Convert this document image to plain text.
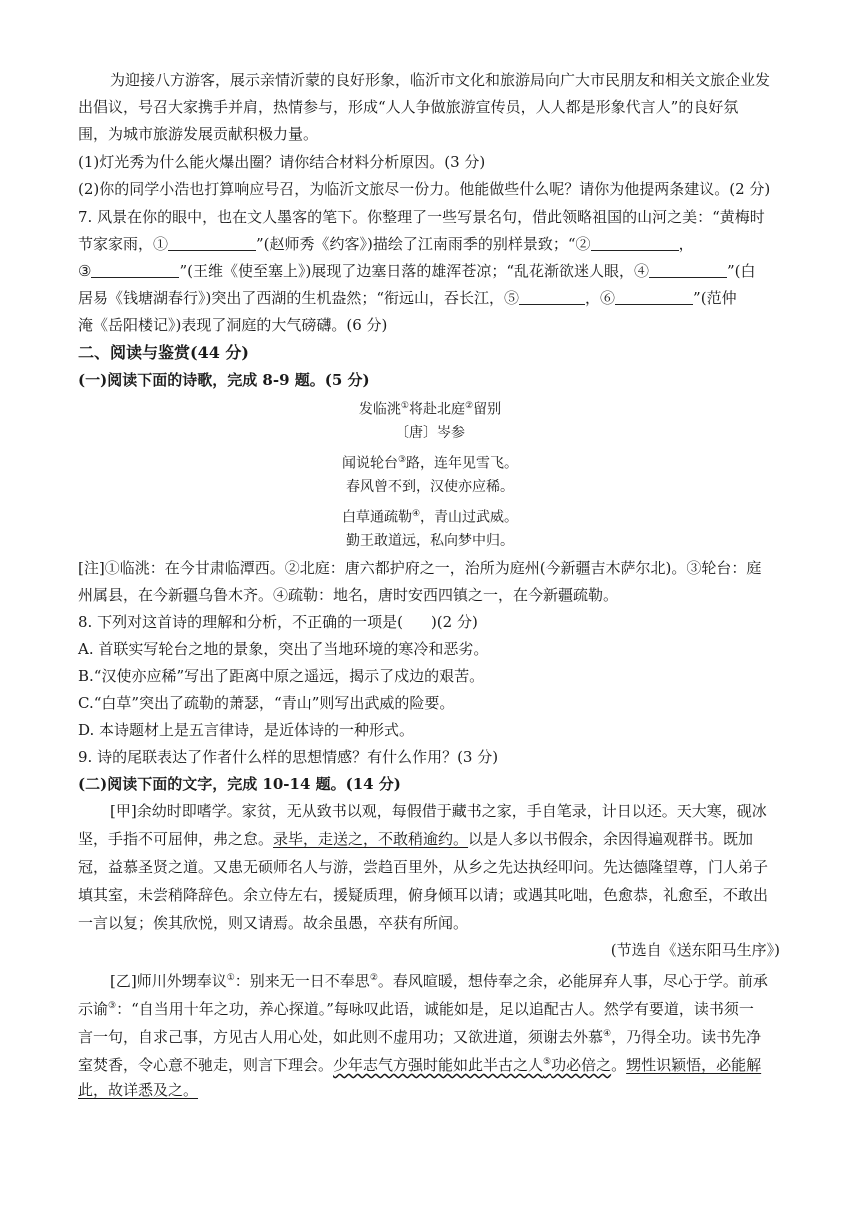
为迎接八方游客，展示亲情沂蒙的良好形象，临沂市文化和旅游局向广大市民朋友和相关文旅企业发
出倡议，号召大家携手并肩，热情参与，形成“人人争做旅游宣传员，人人都是形象代言人”的良好氛
围，为城市旅游发展贡献积极力量。
(1)灯光秀为什么能火爆出圈？请你结合材料分析原因。(3 分)
(2)你的同学小浩也打算响应号召，为临沂文旅尽一份力。他能做些什么呢？请你为他提两条建议。(2 分)
7. 风景在你的眼中，也在文人墨客的笔下。你整理了一些写景名句，借此领略祖国的山河之美：“黄梅时
节家家雨，①	”(赵师秀《约客》)描绘了江南雨季的别样景致；“②	，
③	”(王维《使至塞上》)展现了边塞日落的雄浑苍凉；“乱花渐欲迷人眼，④	”(白
居易《钱塘湖春行》)突出了西湖的生机盎然；“衔远山，吞长江，⑤	，⑥	”(范仲
淹《岳阳楼记》)表现了洞庭的大气磅礴。(6 分)
二、阅读与鉴赏(44 分)
(一)阅读下面的诗歌，完成 8-9 题。(5 分)
发临洮①将赴北庭②留别
〔唐〕岑参
闻说轮台③路，连年见雪飞。
春风曾不到，汉使亦应稀。
白草通疏勒④，青山过武威。
勤王敢道远，私向梦中归。
[注]①临洮：在今甘肃临潭西。②北庭：唐六都护府之一，治所为庭州(今新疆吉木萨尔北)。③轮台：庭
州属县，在今新疆乌鲁木齐。④疏勒：地名，唐时安西四镇之一，在今新疆疏勒。
8. 下列对这首诗的理解和分析，不正确的一项是( )(2 分)
A. 首联实写轮台之地的景象，突出了当地环境的寒冷和恶劣。
B.“汉使亦应稀”写出了距离中原之遥远，揭示了戍边的艰苦。
C.“白草”突出了疏勒的萧瑟，“青山”则写出武威的险要。
D. 本诗题材上是五言律诗，是近体诗的一种形式。
9. 诗的尾联表达了作者什么样的思想情感？有什么作用？(3 分)
(二)阅读下面的文字，完成 10-14 题。(14 分)
[甲]余幼时即嗜学。家贫，无从致书以观，每假借于藏书之家，手自笔录，计日以还。天大寒，砚冰
坚，手指不可屈伸，弗之怠。录毕，走送之，不敢稍逾约。以是人多以书假余，余因得遍观群书。既加
冠，益慕圣贤之道。又患无硕师名人与游，尝趋百里外，从乡之先达执经叩问。先达德隆望尊，门人弟子
填其室，未尝稍降辞色。余立侍左右，援疑质理，俯身倾耳以请；或遇其叱咄，色愈恭，礼愈至，不敢出
一言以复；俟其欣悦，则又请焉。故余虽愚，卒获有所闻。
(节选自《送东阳马生序》)
[乙]师川外甥奉议①：别来无一日不奉思②。春风暄暖，想侍奉之余，必能屏弃人事，尽心于学。前承
示谕③：“自当用十年之功，养心探道。”每咏叹此语，诚能如是，足以追配古人。然学有要道，读书须一
言一句，自求己事，方见古人用心处，如此则不虚用功；又欲进道，须谢去外慕④，乃得全功。读书先净
室焚香，令心意不驰走，则言下理会。少年志气方强时能如此半古之人⑤功必倍之。甥性识颖悟，必能解
此，故详悉及之。
